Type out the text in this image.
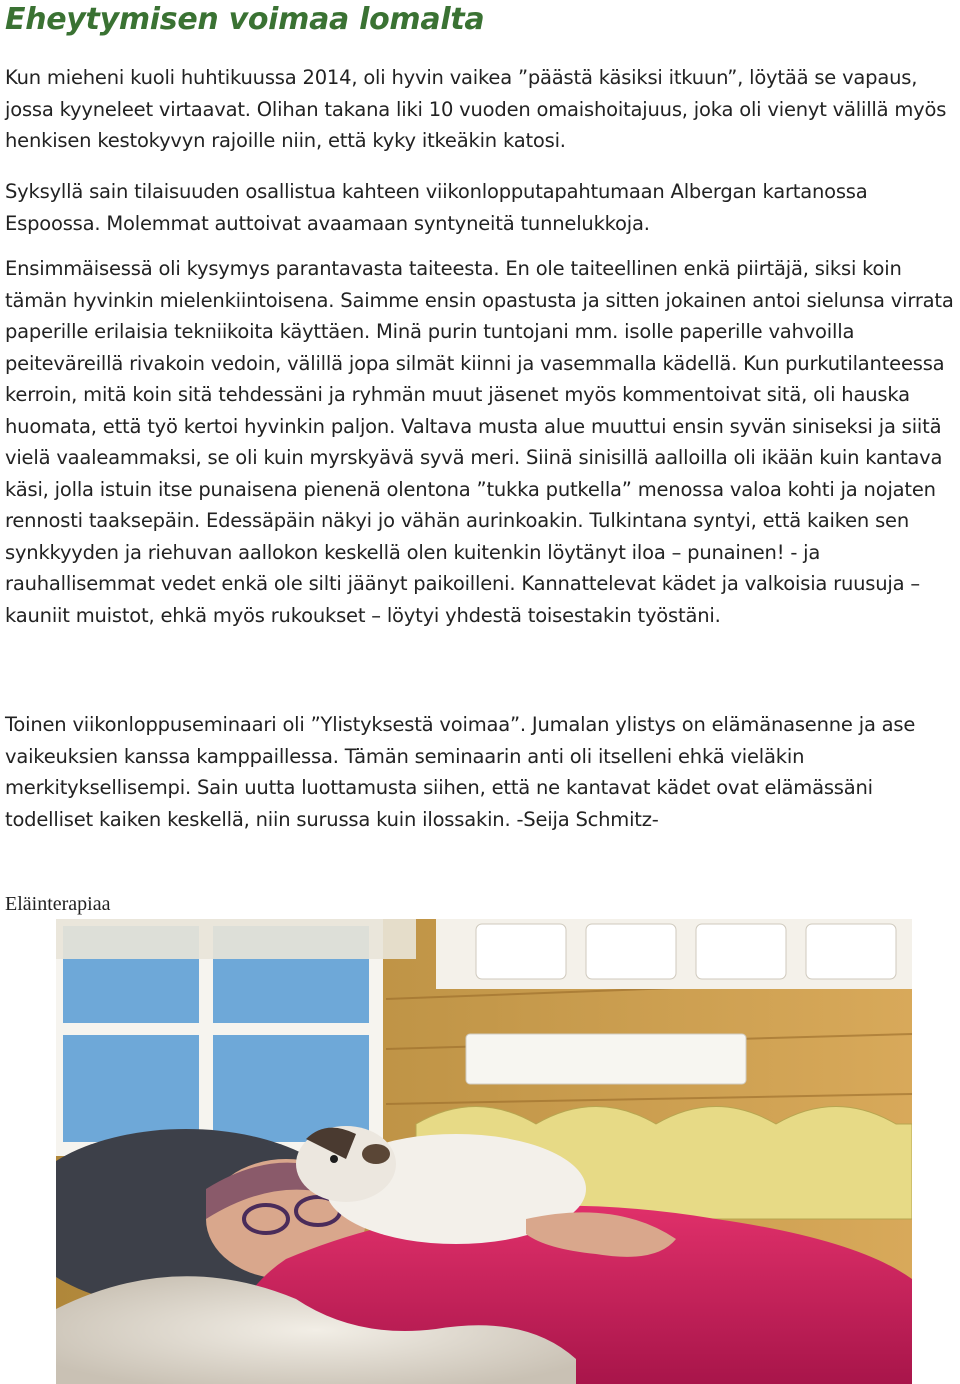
Eheytymisen voimaa lomalta

Kun mieheni kuoli huhtikuussa 2014, oli hyvin vaikea ”päästä käsiksi itkuun”, löytää se vapaus, jossa kyyneleet virtaavat. Olihan takana liki 10 vuoden omaishoitajuus, joka oli vienyt välillä myös henkisen kestokyvyn rajoille niin, että kyky itkeäkin katosi.

Syksyllä sain tilaisuuden osallistua kahteen viikonlopputapahtumaan Albergan kartanossa Espoossa. Molemmat auttoivat avaamaan syntyneitä tunnelukkoja.

Ensimmäisessä oli kysymys parantavasta taiteesta. En ole taiteellinen enkä piirtäjä, siksi koin tämän hyvinkin mielenkiintoisena. Saimme ensin opastusta ja sitten jokainen antoi sielunsa virrata paperille erilaisia tekniikoita käyttäen. Minä purin tuntojani mm. isolle paperille vahvoilla peiteväreillä rivakoin vedoin, välillä jopa silmät kiinni ja vasemmalla kädellä. Kun purkutilanteessa kerroin, mitä koin sitä tehdessäni ja ryhmän muut jäsenet myös kommentoivat sitä, oli hauska huomata, että työ kertoi hyvinkin paljon. Valtava musta alue muuttui ensin syvän siniseksi ja siitä vielä vaaleammaksi, se oli kuin myrskyävä syvä meri. Siinä sinisillä aalloilla oli ikään kuin kantava käsi, jolla istuin itse punaisena pienenä olentona ”tukka putkella” menossa valoa kohti ja nojaten rennosti taaksepäin. Edessäpäin näkyi jo vähän aurinkoakin. Tulkintana syntyi, että kaiken sen synkkyyden ja riehuvan aallokon keskellä olen kuitenkin löytänyt iloa – punainen! - ja rauhallisemmat vedet enkä ole silti jäänyt paikoilleni. Kannattelevat kädet ja valkoisia ruusuja – kauniit muistot, ehkä myös rukoukset – löytyi yhdestä toisestakin työstäni.

Toinen viikonloppuseminaari oli ”Ylistyksestä voimaa”. Jumalan ylistys on elämänasenne ja ase vaikeuksien kanssa kamppaillessa. Tämän seminaarin anti oli itselleni ehkä vieläkin merkityksellisempi. Sain uutta luottamusta siihen, että ne kantavat kädet ovat elämässäni todelliset kaiken keskellä, niin surussa kuin ilossakin. -Seija Schmitz-

Eläinterapiaa
